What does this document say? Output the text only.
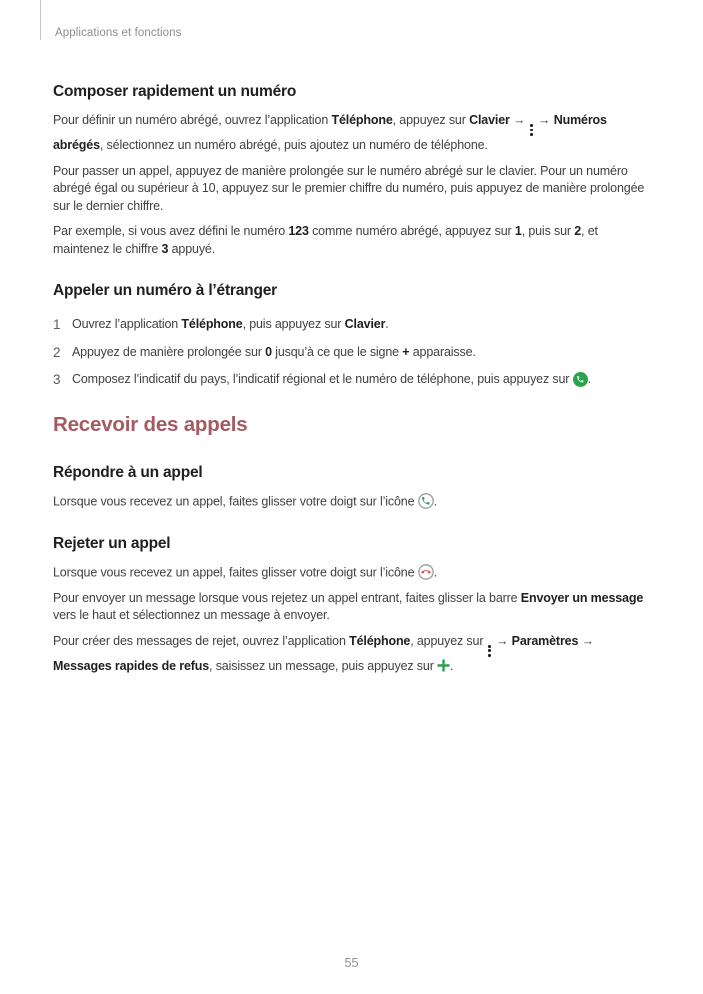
Applications et fonctions
Composer rapidement un numéro

Pour définir un numéro abrégé, ouvrez l’application Téléphone, appuyez sur Clavier →
→ Numéros abrégés, sélectionnez un numéro abrégé, puis ajoutez un numéro de téléphone.

Pour passer un appel, appuyez de manière prolongée sur le numéro abrégé sur le clavier. Pour un numéro abrégé égal ou supérieur à 10, appuyez sur le premier chiffre du numéro, puis appuyez de manière prolongée sur le dernier chiffre.

Par exemple, si vous avez défini le numéro 123 comme numéro abrégé, appuyez sur 1, puis sur 2, et maintenez le chiffre 3 appuyé.

Appeler un numéro à l’étranger
1 Ouvrez l’application Téléphone, puis appuyez sur Clavier.
2 Appuyez de manière prolongée sur 0 jusqu’à ce que le signe + apparaisse.
3 Composez l’indicatif du pays, l’indicatif régional et le numéro de téléphone, puis appuyez sur
.
Recevoir des appels
Répondre à un appel

Lorsque vous recevez un appel, faites glisser votre doigt sur l’icône
.

Rejeter un appel

Lorsque vous recevez un appel, faites glisser votre doigt sur l’icône
.

Pour envoyer un message lorsque vous rejetez un appel entrant, faites glisser la barre Envoyer un message vers le haut et sélectionnez un message à envoyer.

Pour créer des messages de rejet, ouvrez l’application Téléphone, appuyez sur
→ Paramètres → Messages rapides de refus, saisissez un message, puis appuyez sur
.

55
